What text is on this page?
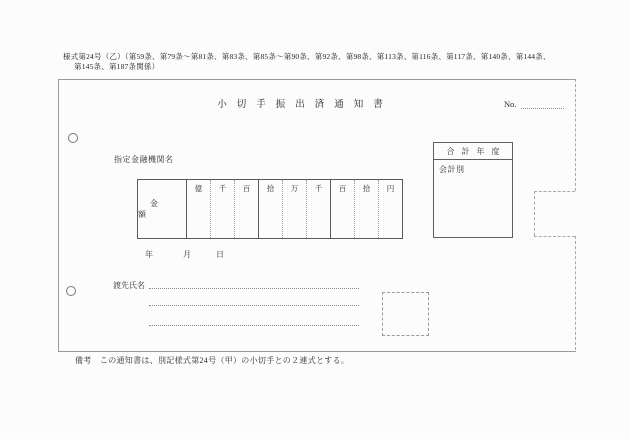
様式第24号（乙）（第59条、第79条～第81条、第83条、第85条～第90条、第92条、第98条、第113条、第116条、第117条、第140条、第144条、
第145条、第187条関係）
小切手振出済通知書	No.
指定金融機関名
金額
億	千	百	拾	万	千	百	拾	円
合計年度
会計別
年	月	日
渡先氏名
備考　この通知書は、別記様式第24号（甲）の小切手との２連式とする。
